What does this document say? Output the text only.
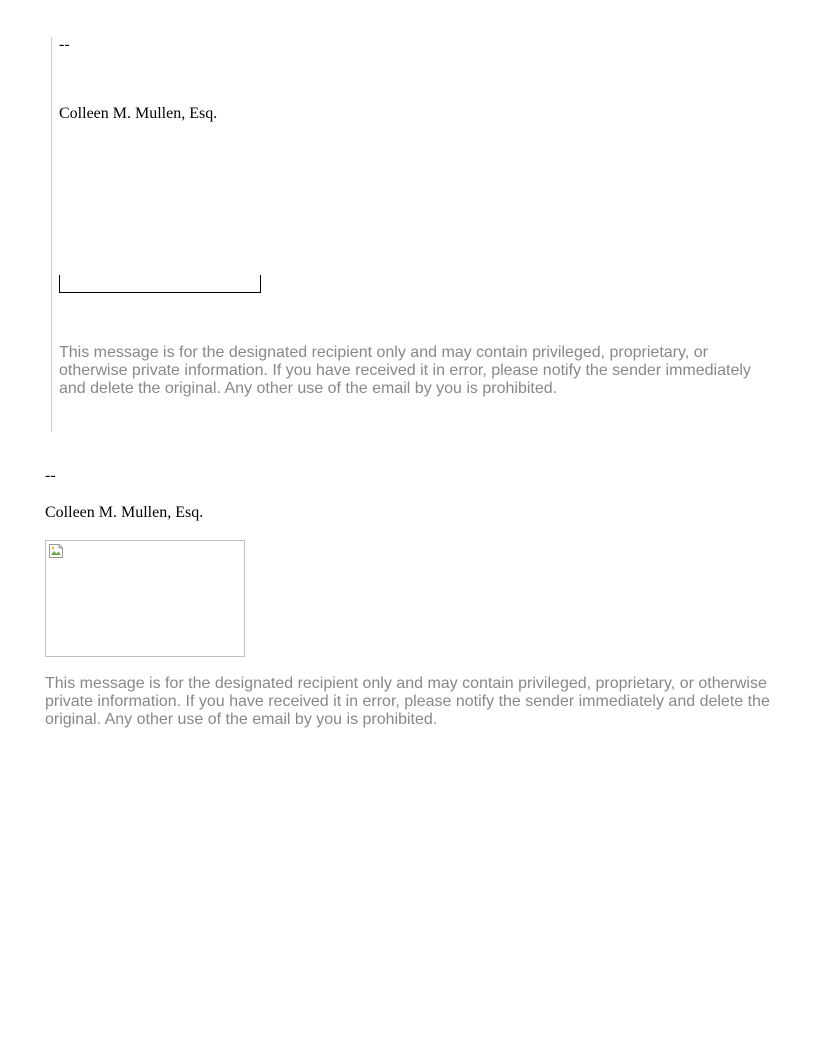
--
Colleen M. Mullen, Esq.
This message is for the designated recipient only and may contain privileged, proprietary, or otherwise private information. If you have received it in error, please notify the sender immediately and delete the original. Any other use of the email by you is prohibited.
--
Colleen M. Mullen, Esq.
This message is for the designated recipient only and may contain privileged, proprietary, or otherwise private information. If you have received it in error, please notify the sender immediately and delete the original. Any other use of the email by you is prohibited.
